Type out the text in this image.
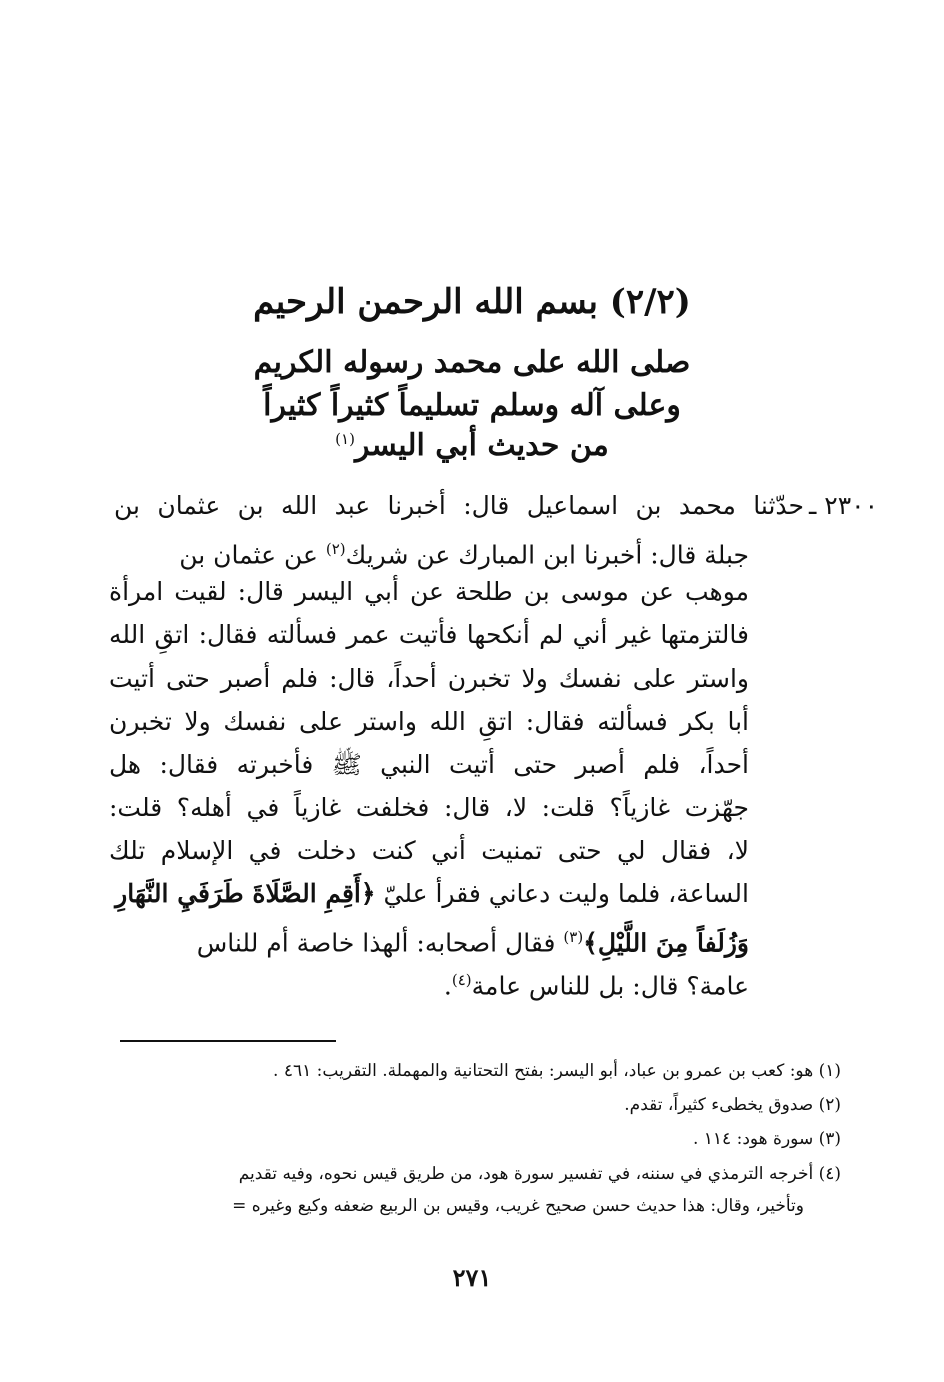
(٢/٢) بسم الله الرحمن الرحيم
صلى الله على محمد رسوله الكريم
وعلى آله وسلم تسليماً كثيراً كثيراً
من حديث أبي اليسر$^{(١)}$
٢٣٠٠ ـ
حدّثنا محمد بن اسماعيل قال: أخبرنا عبد الله بن عثمان بن
جبلة قال: أخبرنا ابن المبارك عن شريك$^{(٢)}$ عن عثمان بن
موهب عن موسى بن طلحة عن أبي اليسر قال: لقيت امرأة
فالتزمتها غير أني لم أنكحها فأتيت عمر فسألته فقال: اتقِ الله
واستر على نفسك ولا تخبرن أحداً، قال: فلم أصبر حتى أتيت
أبا بكر فسألته فقال: اتقِ الله واستر على نفسك ولا تخبرن
أحداً، فلم أصبر حتى أتيت النبي ﷺ فأخبرته فقال: هل
جهّزت غازياً؟ قلت: لا، قال: فخلفت غازياً في أهله؟ قلت:
لا، فقال لي حتى تمنيت أني كنت دخلت في الإسلام تلك
الساعة، فلما وليت دعاني فقرأ عليّ ﴿أَقِمِ الصَّلَاةَ طَرَفَيِ النَّهَارِ
وَزُلَفاً مِنَ اللَّيْلِ﴾$^{(٣)}$ فقال أصحابه: ألهذا خاصة أم للناس
عامة؟ قال: بل للناس عامة$^{(٤)}$.
(١) هو: كعب بن عمرو بن عباد، أبو اليسر: بفتح التحتانية والمهملة. التقريب: ٤٦١ .
(٢) صدوق يخطىء كثيراً، تقدم.
(٣) سورة هود: ١١٤ .
(٤) أخرجه الترمذي في سننه، في تفسير سورة هود، من طريق قيس نحوه، وفيه تقديم
وتأخير، وقال: هذا حديث حسن صحيح غريب، وقيس بن الربيع ضعفه وكيع وغيره =
٢٧١
